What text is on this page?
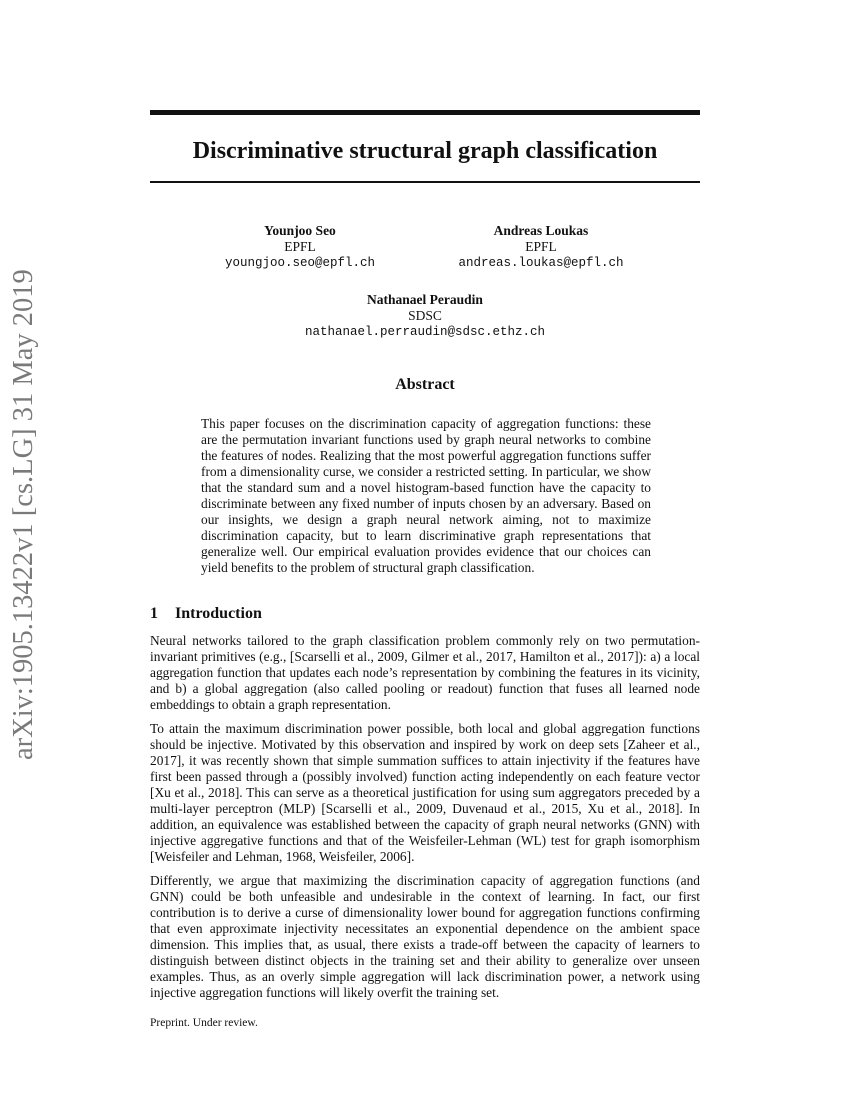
arXiv:1905.13422v1 [cs.LG] 31 May 2019
Discriminative structural graph classification
Younjoo Seo
EPFL
youngjoo.seo@epfl.ch
Andreas Loukas
EPFL
andreas.loukas@epfl.ch
Nathanael Peraudin
SDSC
nathanael.perraudin@sdsc.ethz.ch
Abstract
This paper focuses on the discrimination capacity of aggregation functions: these are the permutation invariant functions used by graph neural networks to combine the features of nodes. Realizing that the most powerful aggregation functions suffer from a dimensionality curse, we consider a restricted setting. In particular, we show that the standard sum and a novel histogram-based function have the capacity to discriminate between any fixed number of inputs chosen by an adversary. Based on our insights, we design a graph neural network aiming, not to maximize discrimination capacity, but to learn discriminative graph representations that generalize well. Our empirical evaluation provides evidence that our choices can yield benefits to the problem of structural graph classification.
1 Introduction

Neural networks tailored to the graph classification problem commonly rely on two permutation-invariant primitives (e.g., [Scarselli et al., 2009, Gilmer et al., 2017, Hamilton et al., 2017]): a) a local aggregation function that updates each node’s representation by combining the features in its vicinity, and b) a global aggregation (also called pooling or readout) function that fuses all learned node embeddings to obtain a graph representation.

To attain the maximum discrimination power possible, both local and global aggregation functions should be injective. Motivated by this observation and inspired by work on deep sets [Zaheer et al., 2017], it was recently shown that simple summation suffices to attain injectivity if the features have first been passed through a (possibly involved) function acting independently on each feature vector [Xu et al., 2018]. This can serve as a theoretical justification for using sum aggregators preceded by a multi-layer perceptron (MLP) [Scarselli et al., 2009, Duvenaud et al., 2015, Xu et al., 2018]. In addition, an equivalence was established between the capacity of graph neural networks (GNN) with injective aggregative functions and that of the Weisfeiler-Lehman (WL) test for graph isomorphism [Weisfeiler and Lehman, 1968, Weisfeiler, 2006].

Differently, we argue that maximizing the discrimination capacity of aggregation functions (and GNN) could be both unfeasible and undesirable in the context of learning. In fact, our first contribution is to derive a curse of dimensionality lower bound for aggregation functions confirming that even approximate injectivity necessitates an exponential dependence on the ambient space dimension. This implies that, as usual, there exists a trade-off between the capacity of learners to distinguish between distinct objects in the training set and their ability to generalize over unseen examples. Thus, as an overly simple aggregation will lack discrimination power, a network using injective aggregation functions will likely overfit the training set.

Preprint. Under review.
